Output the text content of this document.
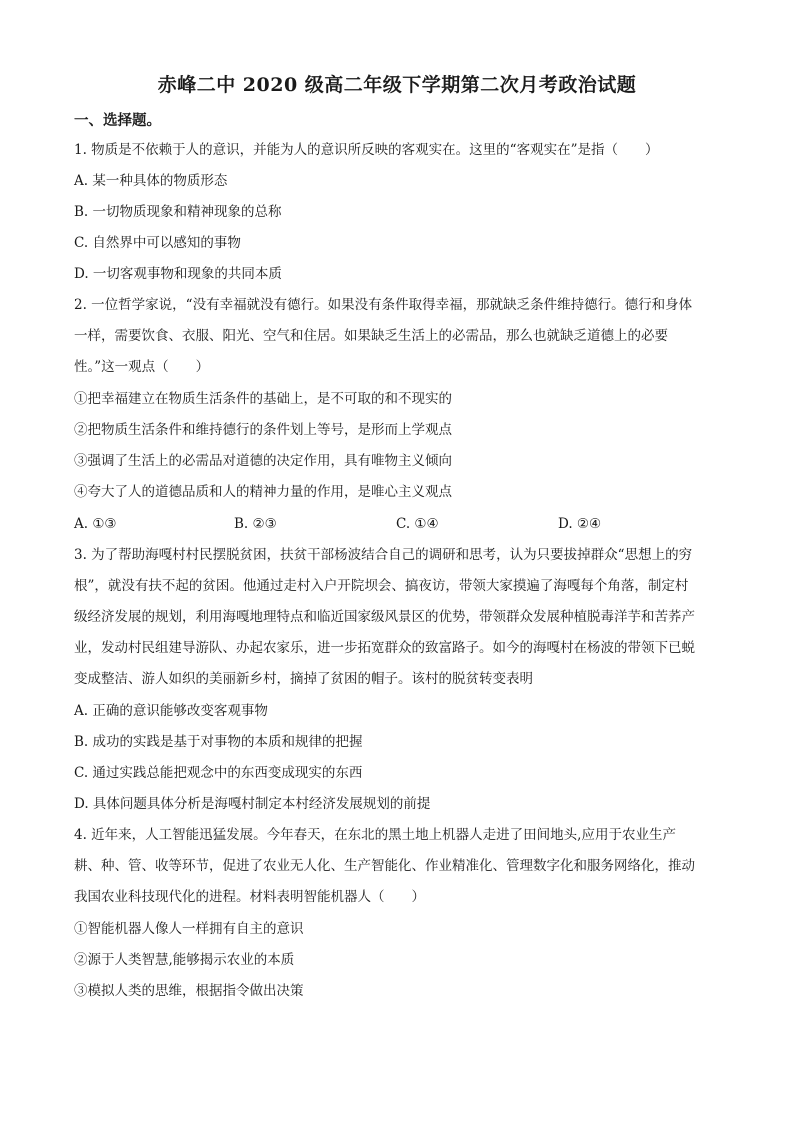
赤峰二中 2020 级高二年级下学期第二次月考政治试题
一、选择题。
1. 物质是不依赖于人的意识，并能为人的意识所反映的客观实在。这里的“客观实在”是指（　　）
A. 某一种具体的物质形态
B. 一切物质现象和精神现象的总称
C. 自然界中可以感知的事物
D. 一切客观事物和现象的共同本质
2. 一位哲学家说，“没有幸福就没有德行。如果没有条件取得幸福，那就缺乏条件维持德行。德行和身体
一样，需要饮食、衣服、阳光、空气和住居。如果缺乏生活上的必需品，那么也就缺乏道德上的必要
性。”这一观点（　　）
①把幸福建立在物质生活条件的基础上，是不可取的和不现实的
②把物质生活条件和维持德行的条件划上等号，是形而上学观点
③强调了生活上的必需品对道德的决定作用，具有唯物主义倾向
④夸大了人的道德品质和人的精神力量的作用，是唯心主义观点
A. ①③	B. ②③	C. ①④	D. ②④
3. 为了帮助海嘎村村民摆脱贫困，扶贫干部杨波结合自己的调研和思考，认为只要拔掉群众“思想上的穷
根”，就没有扶不起的贫困。他通过走村入户开院坝会、搞夜访，带领大家摸遍了海嘎每个角落，制定村
级经济发展的规划，利用海嘎地理特点和临近国家级风景区的优势，带领群众发展种植脱毒洋芋和苦荞产
业，发动村民组建导游队、办起农家乐，进一步拓宽群众的致富路子。如今的海嘎村在杨波的带领下已蜕
变成整洁、游人如织的美丽新乡村，摘掉了贫困的帽子。该村的脱贫转变表明
A. 正确的意识能够改变客观事物
B. 成功的实践是基于对事物的本质和规律的把握
C. 通过实践总能把观念中的东西变成现实的东西
D. 具体问题具体分析是海嘎村制定本村经济发展规划的前提
4. 近年来，人工智能迅猛发展。今年春天，在东北的黑土地上机器人走进了田间地头,应用于农业生产
耕、种、管、收等环节，促进了农业无人化、生产智能化、作业精准化、管理数字化和服务网络化，推动
我国农业科技现代化的进程。材料表明智能机器人（　　）
①智能机器人像人一样拥有自主的意识
②源于人类智慧,能够揭示农业的本质
③模拟人类的思维，根据指令做出决策
